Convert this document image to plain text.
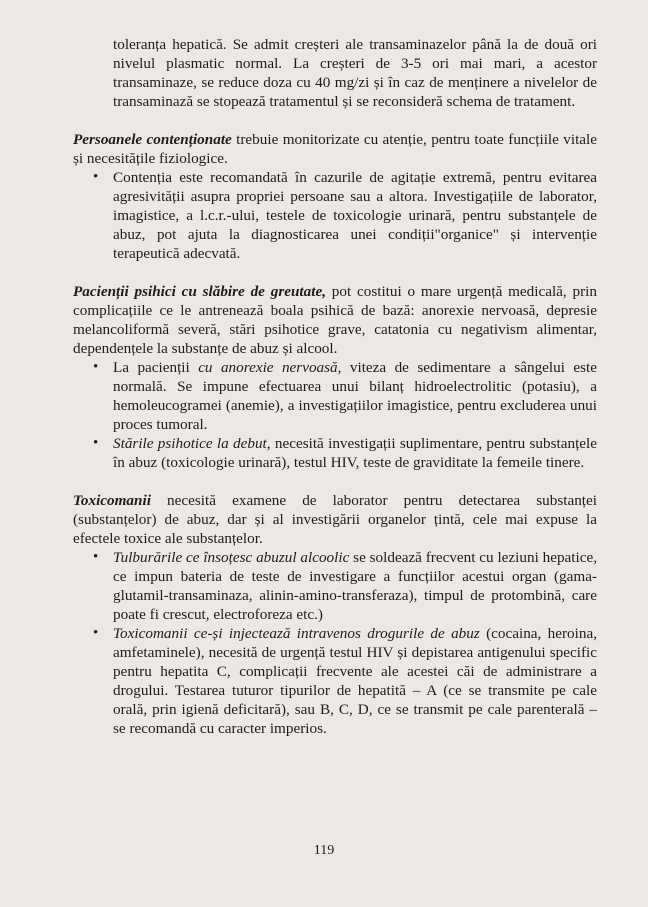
toleranța hepatică. Se admit creșteri ale transaminazelor până la de două ori nivelul plasmatic normal. La creșteri de 3-5 ori mai mari, a acestor transaminaze, se reduce doza cu 40 mg/zi și în caz de menținere a nivelelor de transaminază se stopează tratamentul și se reconsideră schema de tratament.

Persoanele contenționate trebuie monitorizate cu atenție, pentru toate funcțiile vitale și necesitățile fiziologice.

• Contenția este recomandată în cazurile de agitație extremă, pentru evitarea agresivității asupra propriei persoane sau a altora. Investigațiile de laborator, imagistice, a l.c.r.-ului, testele de toxicologie urinară, pentru substanțele de abuz, pot ajuta la diagnosticarea unei condiții"organice" și intervenție terapeutică adecvată.

Pacienții psihici cu slăbire de greutate, pot costitui o mare urgență medicală, prin complicațiile ce le antrenează boala psihică de bază: anorexie nervoasă, depresie melancoliformă severă, stări psihotice grave, catatonia cu negativism alimentar, dependențele la substanțe de abuz și alcool.

• La pacienții cu anorexie nervoasă, viteza de sedimentare a sângelui este normală. Se impune efectuarea unui bilanț hidroelectrolitic (potasiu), a hemoleucogramei (anemie), a investigațiilor imagistice, pentru excluderea unui proces tumoral.
• Stările psihotice la debut, necesită investigații suplimentare, pentru substanțele în abuz (toxicologie urinară), testul HIV, teste de graviditate la femeile tinere.

Toxicomanii necesită examene de laborator pentru detectarea substanței (substanțelor) de abuz, dar și al investigării organelor țintă, cele mai expuse la efectele toxice ale substanțelor.

• Tulburările ce însoțesc abuzul alcoolic se soldează frecvent cu leziuni hepatice, ce impun bateria de teste de investigare a funcțiilor acestui organ (gama-glutamil-transaminaza, alinin-amino-transferaza), timpul de protombină, care poate fi crescut, electroforeza etc.)
• Toxicomanii ce-și injectează intravenos drogurile de abuz (cocaina, heroina, amfetaminele), necesită de urgență testul HIV și depistarea antigenului specific pentru hepatita C, complicații frecvente ale acestei căi de administrare a drogului. Testarea tuturor tipurilor de hepatită – A (ce se transmite pe cale orală, prin igienă deficitară), sau B, C, D, ce se transmit pe cale parenterală – se recomandă cu caracter imperios.
119
